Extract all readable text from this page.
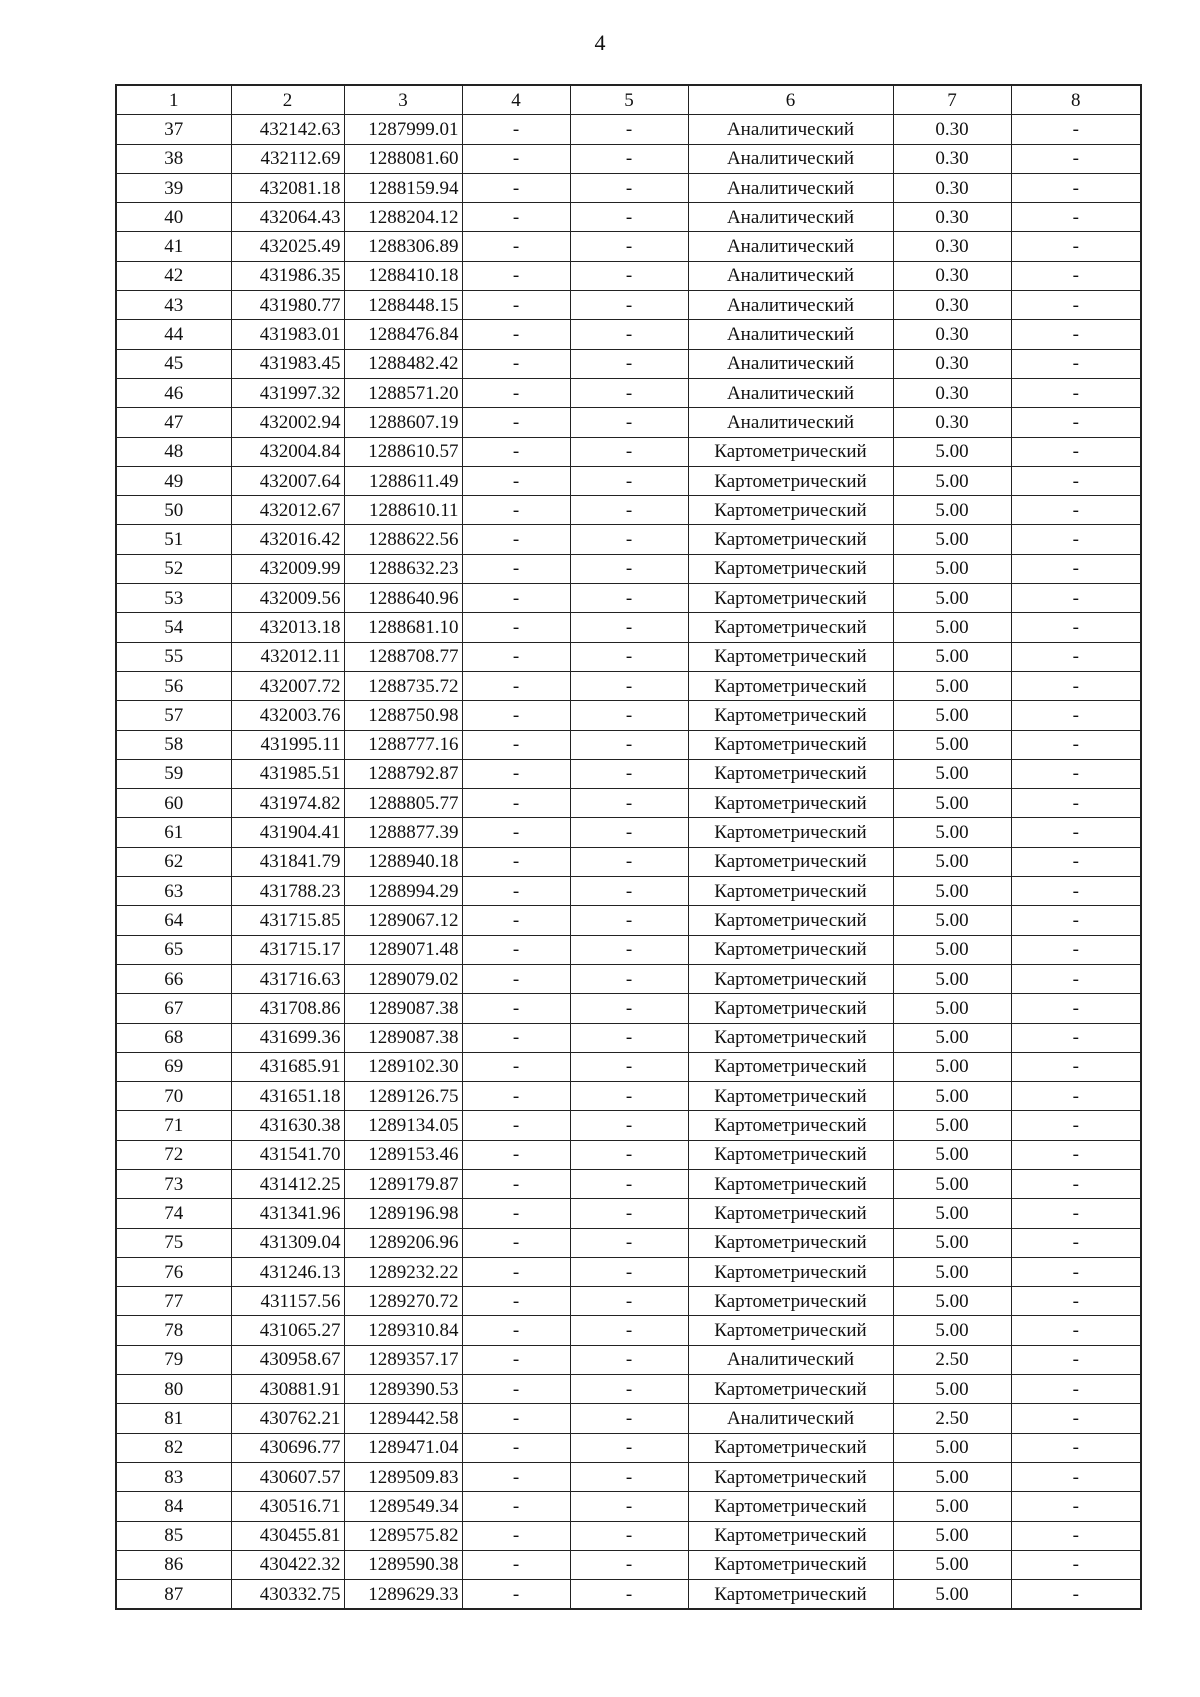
4
1	2	3	4	5	6	7	8
37	432142.63	1287999.01	-	-	Аналитический	0.30	-
38	432112.69	1288081.60	-	-	Аналитический	0.30	-
39	432081.18	1288159.94	-	-	Аналитический	0.30	-
40	432064.43	1288204.12	-	-	Аналитический	0.30	-
41	432025.49	1288306.89	-	-	Аналитический	0.30	-
42	431986.35	1288410.18	-	-	Аналитический	0.30	-
43	431980.77	1288448.15	-	-	Аналитический	0.30	-
44	431983.01	1288476.84	-	-	Аналитический	0.30	-
45	431983.45	1288482.42	-	-	Аналитический	0.30	-
46	431997.32	1288571.20	-	-	Аналитический	0.30	-
47	432002.94	1288607.19	-	-	Аналитический	0.30	-
48	432004.84	1288610.57	-	-	Картометрический	5.00	-
49	432007.64	1288611.49	-	-	Картометрический	5.00	-
50	432012.67	1288610.11	-	-	Картометрический	5.00	-
51	432016.42	1288622.56	-	-	Картометрический	5.00	-
52	432009.99	1288632.23	-	-	Картометрический	5.00	-
53	432009.56	1288640.96	-	-	Картометрический	5.00	-
54	432013.18	1288681.10	-	-	Картометрический	5.00	-
55	432012.11	1288708.77	-	-	Картометрический	5.00	-
56	432007.72	1288735.72	-	-	Картометрический	5.00	-
57	432003.76	1288750.98	-	-	Картометрический	5.00	-
58	431995.11	1288777.16	-	-	Картометрический	5.00	-
59	431985.51	1288792.87	-	-	Картометрический	5.00	-
60	431974.82	1288805.77	-	-	Картометрический	5.00	-
61	431904.41	1288877.39	-	-	Картометрический	5.00	-
62	431841.79	1288940.18	-	-	Картометрический	5.00	-
63	431788.23	1288994.29	-	-	Картометрический	5.00	-
64	431715.85	1289067.12	-	-	Картометрический	5.00	-
65	431715.17	1289071.48	-	-	Картометрический	5.00	-
66	431716.63	1289079.02	-	-	Картометрический	5.00	-
67	431708.86	1289087.38	-	-	Картометрический	5.00	-
68	431699.36	1289087.38	-	-	Картометрический	5.00	-
69	431685.91	1289102.30	-	-	Картометрический	5.00	-
70	431651.18	1289126.75	-	-	Картометрический	5.00	-
71	431630.38	1289134.05	-	-	Картометрический	5.00	-
72	431541.70	1289153.46	-	-	Картометрический	5.00	-
73	431412.25	1289179.87	-	-	Картометрический	5.00	-
74	431341.96	1289196.98	-	-	Картометрический	5.00	-
75	431309.04	1289206.96	-	-	Картометрический	5.00	-
76	431246.13	1289232.22	-	-	Картометрический	5.00	-
77	431157.56	1289270.72	-	-	Картометрический	5.00	-
78	431065.27	1289310.84	-	-	Картометрический	5.00	-
79	430958.67	1289357.17	-	-	Аналитический	2.50	-
80	430881.91	1289390.53	-	-	Картометрический	5.00	-
81	430762.21	1289442.58	-	-	Аналитический	2.50	-
82	430696.77	1289471.04	-	-	Картометрический	5.00	-
83	430607.57	1289509.83	-	-	Картометрический	5.00	-
84	430516.71	1289549.34	-	-	Картометрический	5.00	-
85	430455.81	1289575.82	-	-	Картометрический	5.00	-
86	430422.32	1289590.38	-	-	Картометрический	5.00	-
87	430332.75	1289629.33	-	-	Картометрический	5.00	-
